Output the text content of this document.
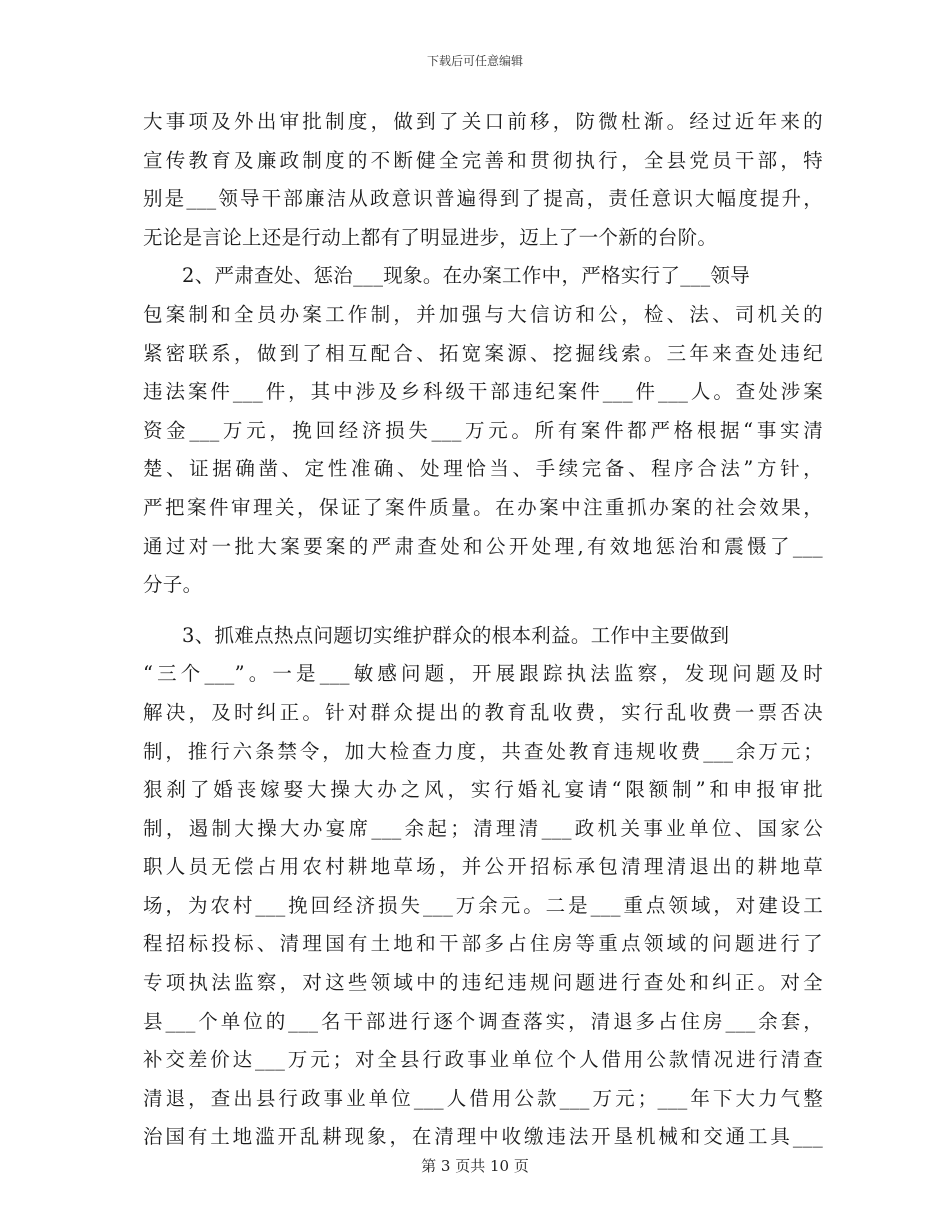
下载后可任意编辑
大事项及外出审批制度，做到了关口前移，防微杜渐。经过近年来的
宣传教育及廉政制度的不断健全完善和贯彻执行，全县党员干部，特
别是___领导干部廉洁从政意识普遍得到了提高，责任意识大幅度提升，
无论是言论上还是行动上都有了明显进步，迈上了一个新的台阶。
2、严肃查处、惩治___现象。在办案工作中，严格实行了___领导
包案制和全员办案工作制，并加强与大信访和公，检、法、司机关的
紧密联系，做到了相互配合、拓宽案源、挖掘线索。三年来查处违纪
违法案件___件，其中涉及乡科级干部违纪案件___件___人。查处涉案
资金___万元，挽回经济损失___万元。所有案件都严格根据“事实清
楚、证据确凿、定性准确、处理恰当、手续完备、程序合法”方针，
严把案件审理关，保证了案件质量。在办案中注重抓办案的社会效果，
通过对一批大案要案的严肃查处和公开处理,有效地惩治和震慑了___
分子。
3、抓难点热点问题切实维护群众的根本利益。工作中主要做到
“三个___”。一是___敏感问题，开展跟踪执法监察，发现问题及时
解决，及时纠正。针对群众提出的教育乱收费，实行乱收费一票否决
制，推行六条禁令，加大检查力度，共查处教育违规收费___余万元；
狠刹了婚丧嫁娶大操大办之风，实行婚礼宴请“限额制”和申报审批
制，遏制大操大办宴席___余起；清理清___政机关事业单位、国家公
职人员无偿占用农村耕地草场，并公开招标承包清理清退出的耕地草
场，为农村___挽回经济损失___万余元。二是___重点领域，对建设工
程招标投标、清理国有土地和干部多占住房等重点领域的问题进行了
专项执法监察，对这些领域中的违纪违规问题进行查处和纠正。对全
县___个单位的___名干部进行逐个调查落实，清退多占住房___余套，
补交差价达___万元；对全县行政事业单位个人借用公款情况进行清查
清退，查出县行政事业单位___人借用公款___万元；___年下大力气整
治国有土地滥开乱耕现象，在清理中收缴违法开垦机械和交通工具___
第 3 页共 10 页
